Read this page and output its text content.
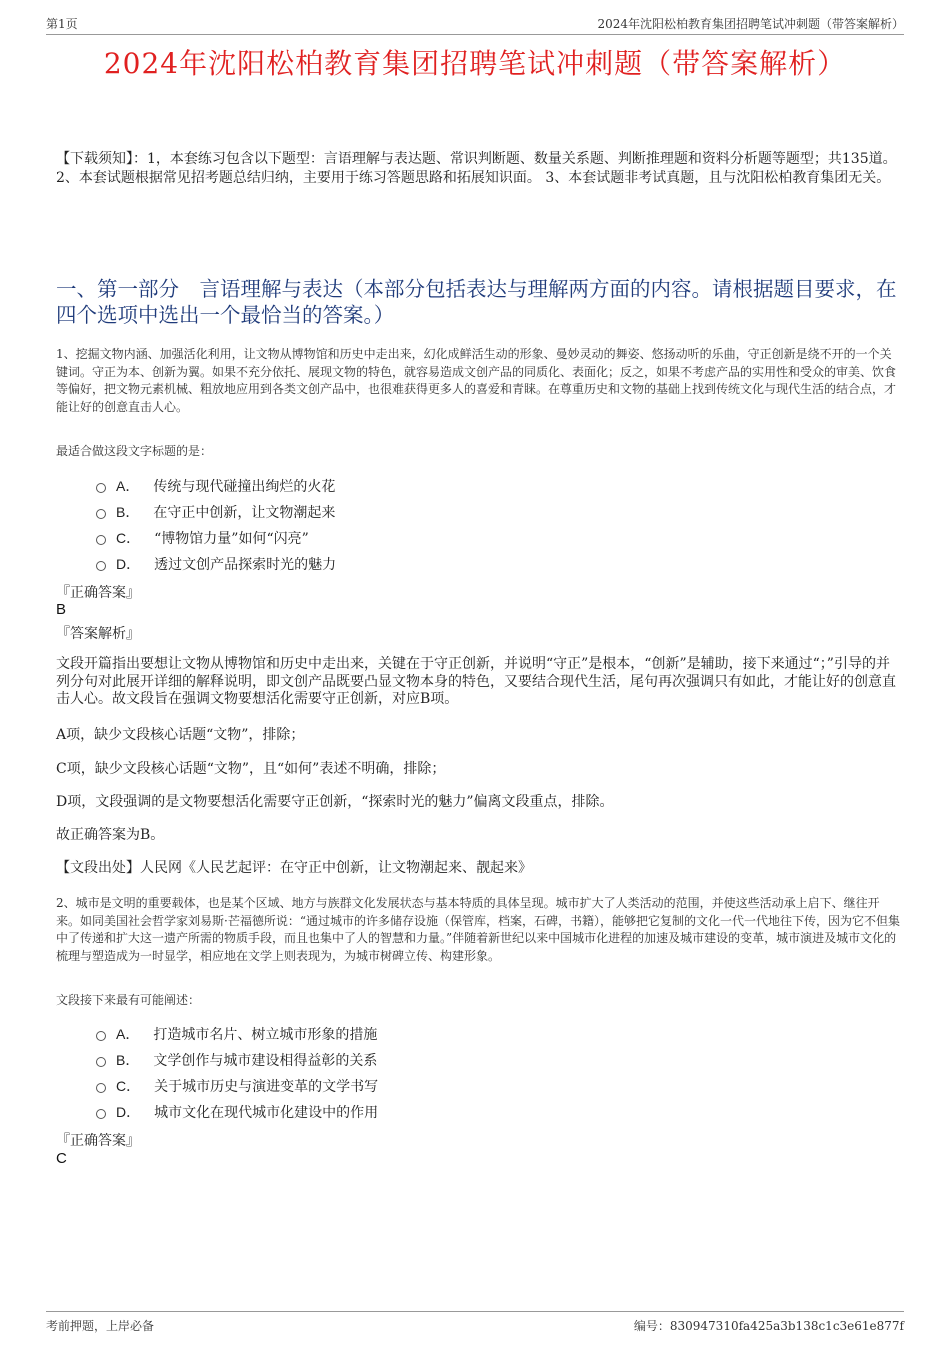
第1页	2024年沈阳松柏教育集团招聘笔试冲刺题（带答案解析）
2024年沈阳松柏教育集团招聘笔试冲刺题（带答案解析）
【下载须知】：1，本套练习包含以下题型：言语理解与表达题、常识判断题、数量关系题、判断推理题和资料分析题等题型；共135道。 2、本套试题根据常见招考题总结归纳，主要用于练习答题思路和拓展知识面。 3、本套试题非考试真题，且与沈阳松柏教育集团无关。
一、第一部分　言语理解与表达（本部分包括表达与理解两方面的内容。请根据题目要求，在四个选项中选出一个最恰当的答案。）
1、挖掘文物内涵、加强活化利用，让文物从博物馆和历史中走出来，幻化成鲜活生动的形象、曼妙灵动的舞姿、悠扬动听的乐曲，守正创新是绕不开的一个关键词。守正为本、创新为翼。如果不充分依托、展现文物的特色，就容易造成文创产品的同质化、表面化；反之，如果不考虑产品的实用性和受众的审美、饮食等偏好，把文物元素机械、粗放地应用到各类文创产品中，也很难获得更多人的喜爱和青睐。在尊重历史和文物的基础上找到传统文化与现代生活的结合点，才能让好的创意直击人心。
最适合做这段文字标题的是：
A． 传统与现代碰撞出绚烂的火花
B． 在守正中创新，让文物潮起来
C． “博物馆力量”如何“闪亮”
D． 透过文创产品探索时光的魅力
『正确答案』
B
『答案解析』
文段开篇指出要想让文物从博物馆和历史中走出来，关键在于守正创新，并说明“守正”是根本，“创新”是辅助，接下来通过“；”引导的并列分句对此展开详细的解释说明，即文创产品既要凸显文物本身的特色，又要结合现代生活，尾句再次强调只有如此，才能让好的创意直击人心。故文段旨在强调文物要想活化需要守正创新，对应B项。
A项，缺少文段核心话题“文物”，排除；
C项，缺少文段核心话题“文物”，且“如何”表述不明确，排除；
D项，文段强调的是文物要想活化需要守正创新，“探索时光的魅力”偏离文段重点，排除。
故正确答案为B。
【文段出处】人民网《人民艺起评：在守正中创新，让文物潮起来、靓起来》
2、城市是文明的重要载体，也是某个区域、地方与族群文化发展状态与基本特质的具体呈现。城市扩大了人类活动的范围，并使这些活动承上启下、继往开来。如同美国社会哲学家刘易斯·芒福德所说：“通过城市的许多储存设施（保管库，档案，石碑，书籍），能够把它复制的文化一代一代地往下传，因为它不但集中了传递和扩大这一遗产所需的物质手段，而且也集中了人的智慧和力量。”伴随着新世纪以来中国城市化进程的加速及城市建设的变革，城市演进及城市文化的梳理与塑造成为一时显学，相应地在文学上则表现为，为城市树碑立传、构建形象。
文段接下来最有可能阐述：
A． 打造城市名片、树立城市形象的措施
B． 文学创作与城市建设相得益彰的关系
C． 关于城市历史与演进变革的文学书写
D． 城市文化在现代城市化建设中的作用
『正确答案』
C
考前押题，上岸必备	编号：830947310fa425a3b138c1c3e61e877f
